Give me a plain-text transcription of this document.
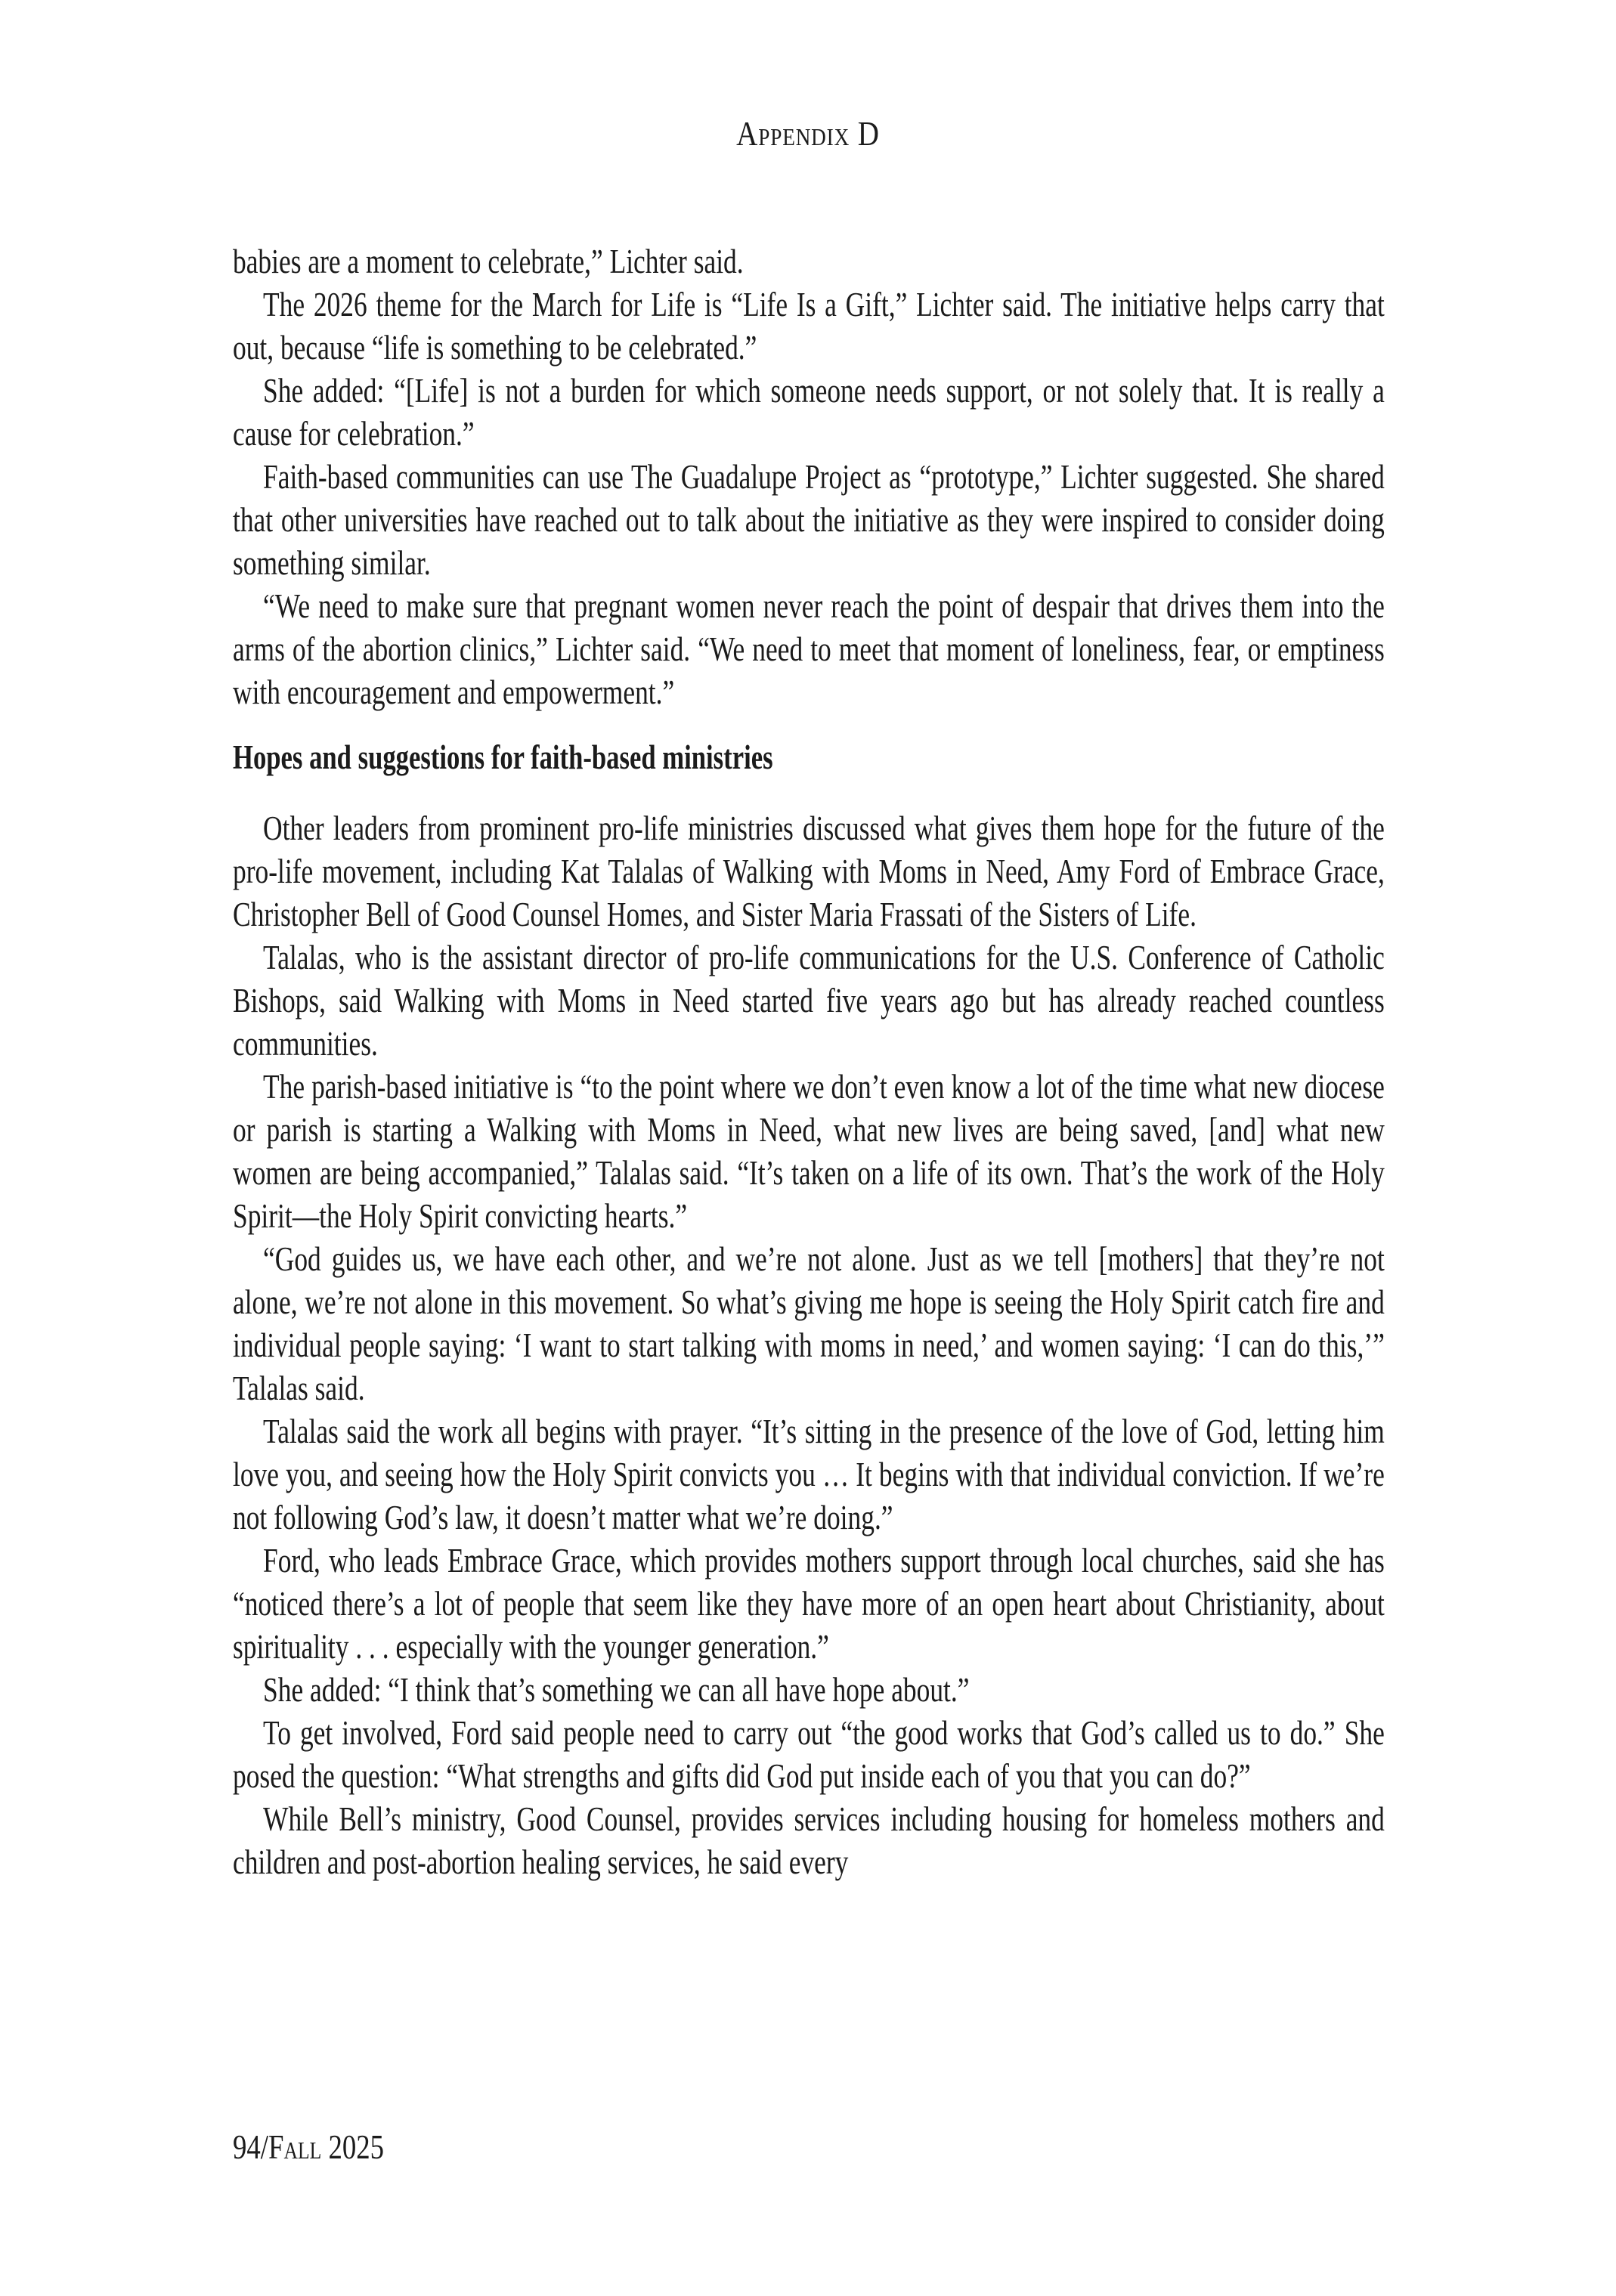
Appendix D

babies are a moment to celebrate,” Lichter said.

The 2026 theme for the March for Life is “Life Is a Gift,” Lichter said. The initiative helps carry that out, because “life is something to be celebrated.”

She added: “[Life] is not a burden for which someone needs support, or not solely that. It is really a cause for celebration.”

Faith-based communities can use The Guadalupe Project as “prototype,” Lichter suggested. She shared that other universities have reached out to talk about the initiative as they were inspired to consider doing something similar.

“We need to make sure that pregnant women never reach the point of despair that drives them into the arms of the abortion clinics,” Lichter said. “We need to meet that moment of loneliness, fear, or emptiness with encouragement and empowerment.”

Hopes and suggestions for faith-based ministries

Other leaders from prominent pro-life ministries discussed what gives them hope for the future of the pro-life movement, including Kat Talalas of Walking with Moms in Need, Amy Ford of Embrace Grace, Christopher Bell of Good Counsel Homes, and Sister Maria Frassati of the Sisters of Life.

Talalas, who is the assistant director of pro-life communications for the U.S. Conference of Catholic Bishops, said Walking with Moms in Need started five years ago but has already reached countless communities.

The parish-based initiative is “to the point where we don’t even know a lot of the time what new diocese or parish is starting a Walking with Moms in Need, what new lives are being saved, [and] what new women are being accompanied,” Talalas said. “It’s taken on a life of its own. That’s the work of the Holy Spirit—the Holy Spirit convicting hearts.”

“God guides us, we have each other, and we’re not alone. Just as we tell [mothers] that they’re not alone, we’re not alone in this movement. So what’s giving me hope is seeing the Holy Spirit catch fire and individual people saying: ‘I want to start talking with moms in need,’ and women saying: ‘I can do this,’” Talalas said.

Talalas said the work all begins with prayer. “It’s sitting in the presence of the love of God, letting him love you, and seeing how the Holy Spirit convicts you … It begins with that individual conviction. If we’re not following God’s law, it doesn’t matter what we’re doing.”

Ford, who leads Embrace Grace, which provides mothers support through local churches, said she has “noticed there’s a lot of people that seem like they have more of an open heart about Christianity, about spirituality . . . especially with the younger generation.”

She added: “I think that’s something we can all have hope about.”

To get involved, Ford said people need to carry out “the good works that God’s called us to do.” She posed the question: “What strengths and gifts did God put inside each of you that you can do?”

While Bell’s ministry, Good Counsel, provides services including housing for homeless mothers and children and post-abortion healing services, he said every

94/Fall 2025
